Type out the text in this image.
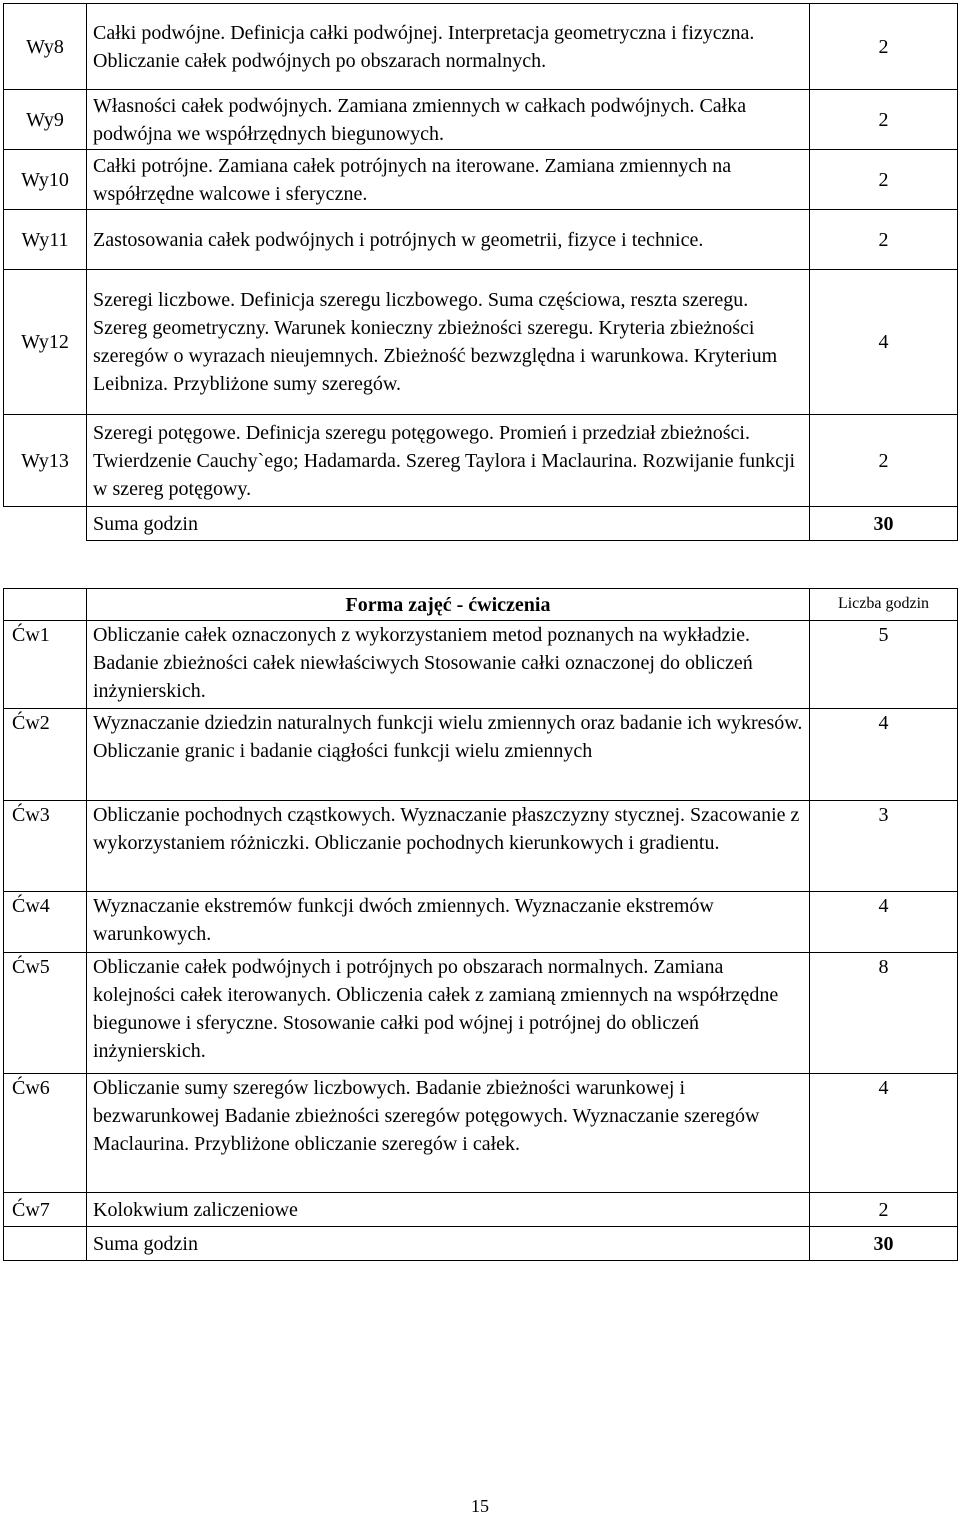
Wy8	Całki podwójne. Definicja całki podwójnej. Interpretacja geometryczna i fizyczna. Obliczanie całek podwójnych po obszarach normalnych.	2
Wy9	Własności całek podwójnych. Zamiana zmiennych w całkach podwójnych. Całka podwójna we współrzędnych biegunowych.	2
Wy10	Całki potrójne. Zamiana całek potrójnych na iterowane. Zamiana zmiennych na współrzędne walcowe i sferyczne.	2
Wy11	Zastosowania całek podwójnych i potrójnych w geometrii, fizyce i technice.	2
Wy12	Szeregi liczbowe. Definicja szeregu liczbowego. Suma częściowa, reszta szeregu. Szereg geometryczny. Warunek konieczny zbieżności szeregu. Kryteria zbieżności szeregów o wyrazach nieujemnych. Zbieżność bezwzględna i warunkowa. Kryterium Leibniza. Przybliżone sumy szeregów.	4
Wy13	Szeregi potęgowe. Definicja szeregu potęgowego. Promień i przedział zbieżności. Twierdzenie Cauchy`ego; Hadamarda. Szereg Taylora i Maclaurina. Rozwijanie funkcji w szereg potęgowy.	2
	Suma godzin	30
	Forma zajęć - ćwiczenia	Liczba godzin
Ćw1	Obliczanie całek oznaczonych z wykorzystaniem metod poznanych na wykładzie. Badanie zbieżności całek niewłaściwych Stosowanie całki oznaczonej do obliczeń inżynierskich.	5
Ćw2	Wyznaczanie dziedzin naturalnych funkcji wielu zmiennych oraz badanie ich wykresów. Obliczanie granic i badanie ciągłości funkcji wielu zmiennych	4
Ćw3	Obliczanie pochodnych cząstkowych. Wyznaczanie płaszczyzny stycznej. Szacowanie z wykorzystaniem różniczki. Obliczanie pochodnych kierunkowych i gradientu.	3
Ćw4	Wyznaczanie ekstremów funkcji dwóch zmiennych. Wyznaczanie ekstremów warunkowych.	4
Ćw5	Obliczanie całek podwójnych i potrójnych po obszarach normalnych. Zamiana kolejności całek iterowanych. Obliczenia całek z zamianą zmiennych na współrzędne biegunowe i sferyczne. Stosowanie całki pod wójnej i potrójnej do obliczeń inżynierskich.	8
Ćw6	Obliczanie sumy szeregów liczbowych. Badanie zbieżności warunkowej i bezwarunkowej Badanie zbieżności szeregów potęgowych. Wyznaczanie szeregów Maclaurina. Przybliżone obliczanie szeregów i całek.	4
Ćw7	Kolokwium zaliczeniowe	2
	Suma godzin	30
15
